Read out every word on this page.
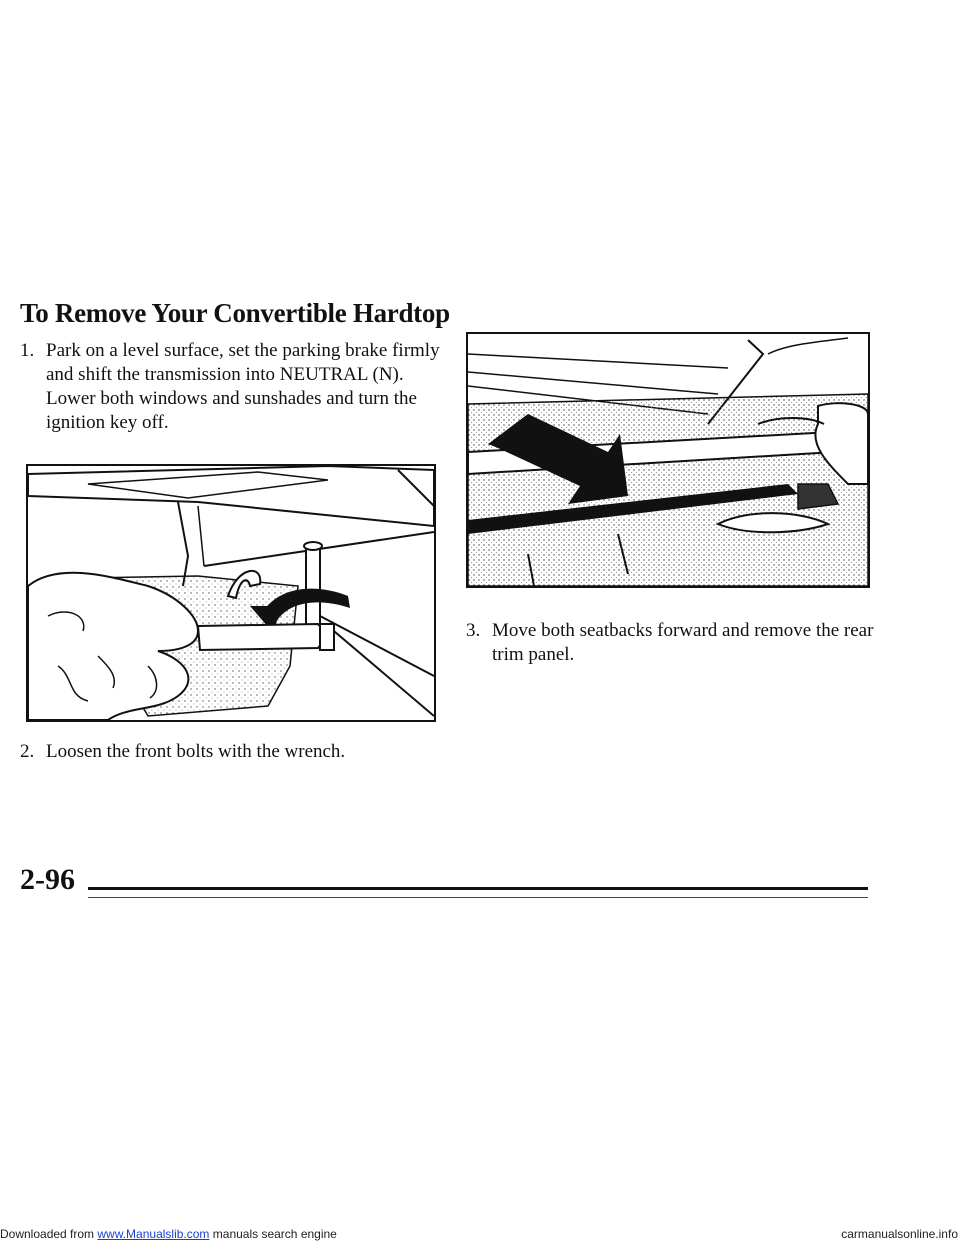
To Remove Your Convertible Hardtop
1. Park on a level surface, set the parking brake firmly
and shift the transmission into NEUTRAL (N).
Lower both windows and sunshades and turn the
ignition key off.
2. Loosen the front bolts with the wrench.
3. Move both seatbacks forward and remove the rear
trim panel.
2-96
Downloaded from www.Manualslib.com manuals search engine	carmanualsonline.info
